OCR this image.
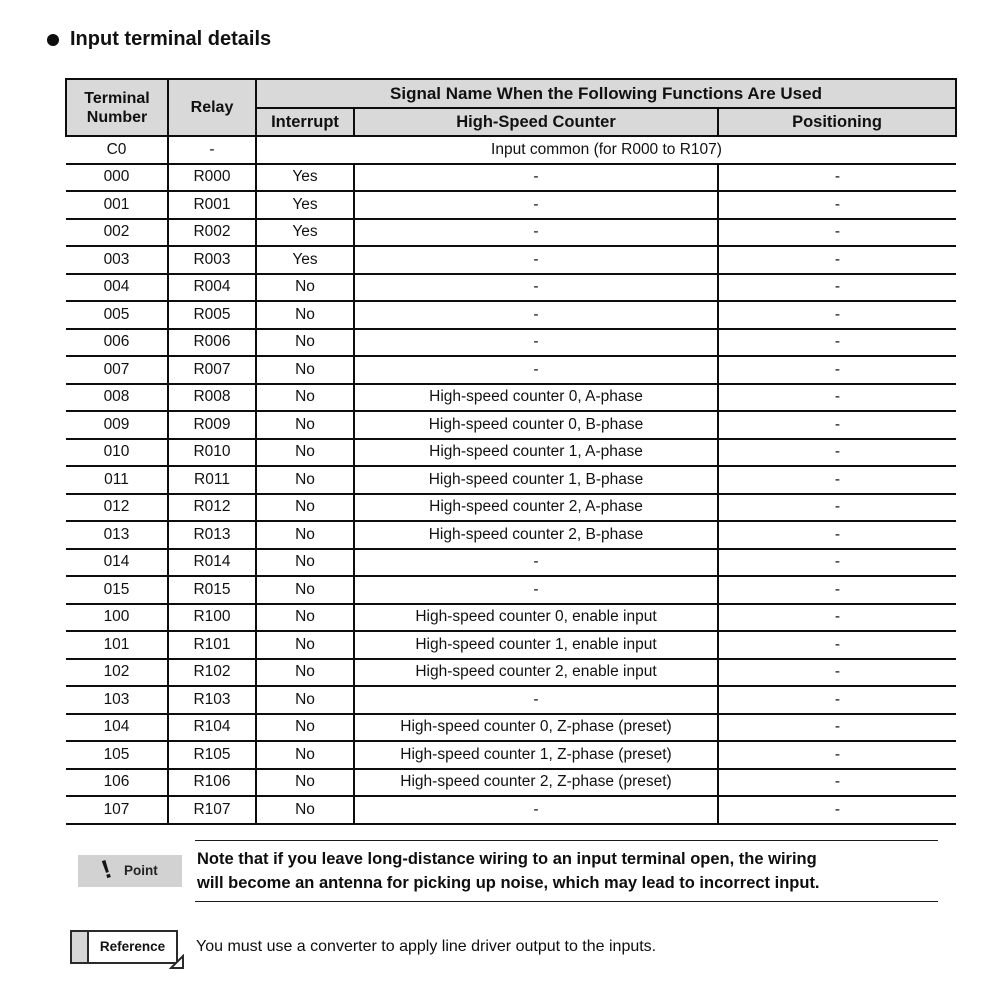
Input terminal details
Terminal Number	Relay	Signal Name When the Following Functions Are Used		
		Interrupt	High-Speed Counter	Positioning
C0	-	Input common (for R000 to R107)		
000	R000	Yes	-	-
001	R001	Yes	-	-
002	R002	Yes	-	-
003	R003	Yes	-	-
004	R004	No	-	-
005	R005	No	-	-
006	R006	No	-	-
007	R007	No	-	-
008	R008	No	High-speed counter 0, A-phase	-
009	R009	No	High-speed counter 0, B-phase	-
010	R010	No	High-speed counter 1, A-phase	-
011	R011	No	High-speed counter 1, B-phase	-
012	R012	No	High-speed counter 2, A-phase	-
013	R013	No	High-speed counter 2, B-phase	-
014	R014	No	-	-
015	R015	No	-	-
100	R100	No	High-speed counter 0, enable input	-
101	R101	No	High-speed counter 1, enable input	-
102	R102	No	High-speed counter 2, enable input	-
103	R103	No	-	-
104	R104	No	High-speed counter 0, Z-phase (preset)	-
105	R105	No	High-speed counter 1, Z-phase (preset)	-
106	R106	No	High-speed counter 2, Z-phase (preset)	-
107	R107	No	-	-
! Point
Note that if you leave long-distance wiring to an input terminal open, the wiring
will become an antenna for picking up noise, which may lead to incorrect input.
Reference	You must use a converter to apply line driver output to the inputs.
